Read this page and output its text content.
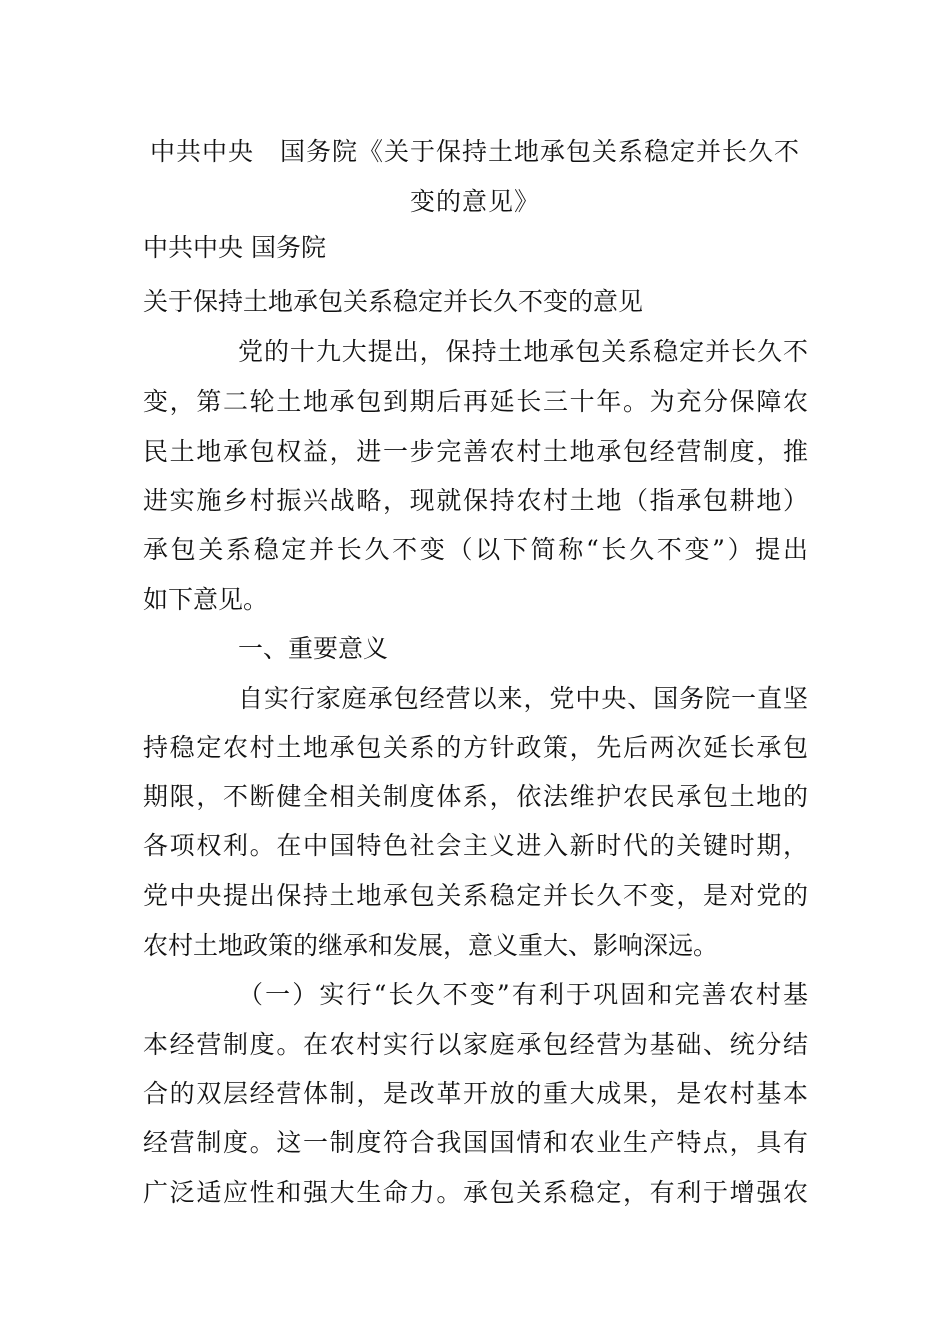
中共中央　国务院《关于保持土地承包关系稳定并长久不
变的意见》
中共中央 国务院
关于保持土地承包关系稳定并长久不变的意见
党的十九大提出，保持土地承包关系稳定并长久不
变，第二轮土地承包到期后再延长三十年。为充分保障农
民土地承包权益，进一步完善农村土地承包经营制度，推
进实施乡村振兴战略，现就保持农村土地（指承包耕地）
承包关系稳定并长久不变（以下简称“长久不变”）提出
如下意见。
一、重要意义
自实行家庭承包经营以来，党中央、国务院一直坚
持稳定农村土地承包关系的方针政策，先后两次延长承包
期限，不断健全相关制度体系，依法维护农民承包土地的
各项权利。在中国特色社会主义进入新时代的关键时期，
党中央提出保持土地承包关系稳定并长久不变，是对党的
农村土地政策的继承和发展，意义重大、影响深远。
（一）实行“长久不变”有利于巩固和完善农村基
本经营制度。在农村实行以家庭承包经营为基础、统分结
合的双层经营体制，是改革开放的重大成果，是农村基本
经营制度。这一制度符合我国国情和农业生产特点，具有
广泛适应性和强大生命力。承包关系稳定，有利于增强农
